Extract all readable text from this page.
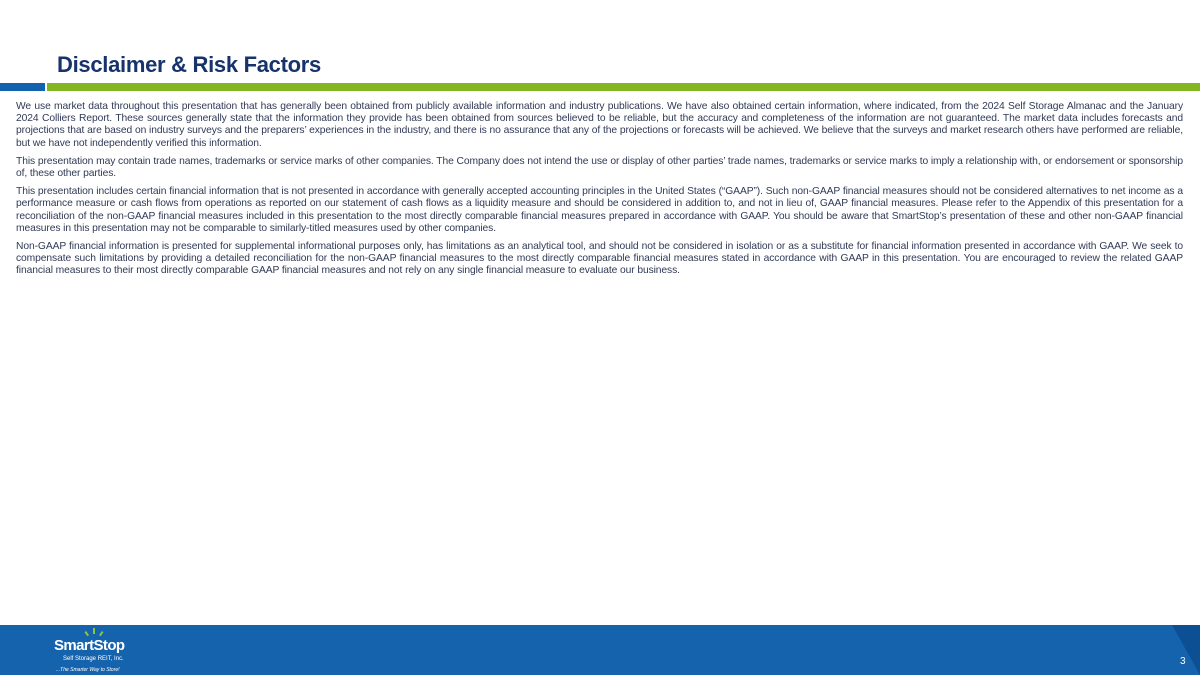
Disclaimer & Risk Factors

We use market data throughout this presentation that has generally been obtained from publicly available information and industry publications. We have also obtained certain information, where indicated, from the 2024 Self Storage Almanac and the January 2024 Colliers Report. These sources generally state that the information they provide has been obtained from sources believed to be reliable, but the accuracy and completeness of the information are not guaranteed. The market data includes forecasts and projections that are based on industry surveys and the preparers’ experiences in the industry, and there is no assurance that any of the projections or forecasts will be achieved. We believe that the surveys and market research others have performed are reliable, but we have not independently verified this information.

This presentation may contain trade names, trademarks or service marks of other companies. The Company does not intend the use or display of other parties’ trade names, trademarks or service marks to imply a relationship with, or endorsement or sponsorship of, these other parties.

This presentation includes certain financial information that is not presented in accordance with generally accepted accounting principles in the United States (“GAAP”). Such non-GAAP financial measures should not be considered alternatives to net income as a performance measure or cash flows from operations as reported on our statement of cash flows as a liquidity measure and should be considered in addition to, and not in lieu of, GAAP financial measures. Please refer to the Appendix of this presentation for a reconciliation of the non-GAAP financial measures included in this presentation to the most directly comparable financial measures prepared in accordance with GAAP. You should be aware that SmartStop’s presentation of these and other non-GAAP financial measures in this presentation may not be comparable to similarly-titled measures used by other companies.

Non-GAAP financial information is presented for supplemental informational purposes only, has limitations as an analytical tool, and should not be considered in isolation or as a substitute for financial information presented in accordance with GAAP. We seek to compensate such limitations by providing a detailed reconciliation for the non-GAAP financial measures to the most directly comparable financial measures stated in accordance with GAAP in this presentation. You are encouraged to review the related GAAP financial measures to their most directly comparable GAAP financial measures and not rely on any single financial measure to evaluate our business.

SmartStop
Self Storage REIT, Inc.
...The Smarter Way to Store!
3
